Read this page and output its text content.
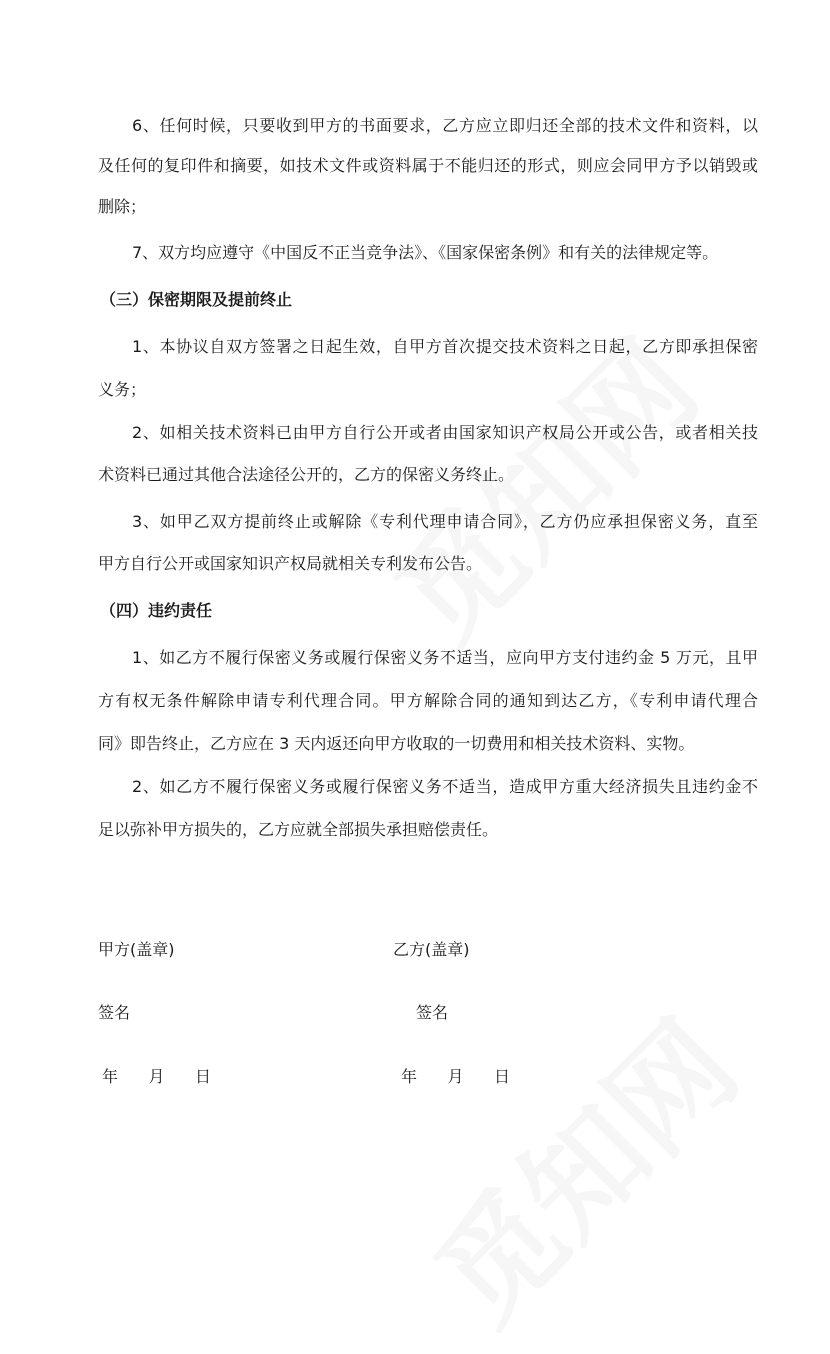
6、任何时候，只要收到甲方的书面要求，乙方应立即归还全部的技术文件和资料，以
及任何的复印件和摘要，如技术文件或资料属于不能归还的形式，则应会同甲方予以销毁或
删除；
7、双方均应遵守《中国反不正当竞争法》、《国家保密条例》和有关的法律规定等。
（三）保密期限及提前终止
1、本协议自双方签署之日起生效，自甲方首次提交技术资料之日起，乙方即承担保密
义务；
2、如相关技术资料已由甲方自行公开或者由国家知识产权局公开或公告，或者相关技
术资料已通过其他合法途径公开的，乙方的保密义务终止。
3、如甲乙双方提前终止或解除《专利代理申请合同》，乙方仍应承担保密义务，直至
甲方自行公开或国家知识产权局就相关专利发布公告。
（四）违约责任
1、如乙方不履行保密义务或履行保密义务不适当，应向甲方支付违约金 5 万元，且甲
方有权无条件解除申请专利代理合同。甲方解除合同的通知到达乙方，《专利申请代理合
同》即告终止，乙方应在 3 天内返还向甲方收取的一切费用和相关技术资料、实物。
2、如乙方不履行保密义务或履行保密义务不适当，造成甲方重大经济损失且违约金不
足以弥补甲方损失的，乙方应就全部损失承担赔偿责任。
甲方(盖章)	乙方(盖章)
签名	签名
年      月      日	年      月      日
